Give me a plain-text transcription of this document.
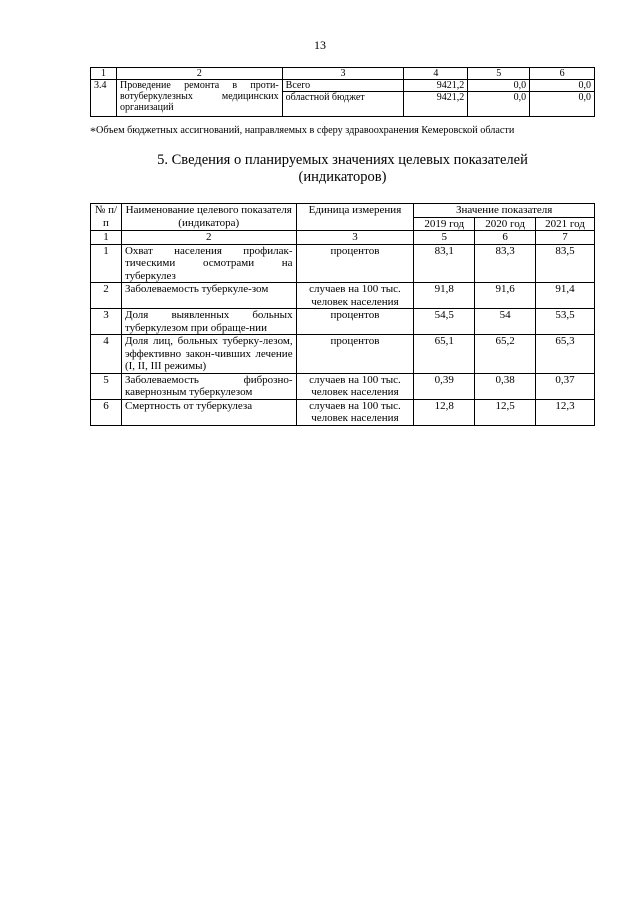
13
1	2	3	4	5	6
3.4	Проведение ремонта в проти-вотуберкулезных медицинских организаций	Всего	9421,2	0,0	0,0
		областной бюджет	9421,2	0,0	0,0
*Объем бюджетных ассигнований, направляемых в сферу здравоохранения Кемеровской области
5. Сведения о планируемых значениях целевых показателей
(индикаторов)
№ п/п	Наименование целевого показателя (индикатора)	Единица измерения	Значение показателя		
			2019 год	2020 год	2021 год
1	2	3	5	6	7
1	Охват населения профилак-тическими осмотрами на туберкулез	процентов	83,1	83,3	83,5
2	Заболеваемость туберкуле-зом	случаев на 100 тыс. человек населения	91,8	91,6	91,4
3	Доля выявленных больных туберкулезом при обраще-нии	процентов	54,5	54	53,5
4	Доля лиц, больных туберку-лезом, эффективно закон-чивших лечение (I, II, III режимы)	процентов	65,1	65,2	65,3
5	Заболеваемость фиброзно-кавернозным туберкулезом	случаев на 100 тыс. человек населения	0,39	0,38	0,37
6	Смертность от туберкулеза	случаев на 100 тыс. человек населения	12,8	12,5	12,3
